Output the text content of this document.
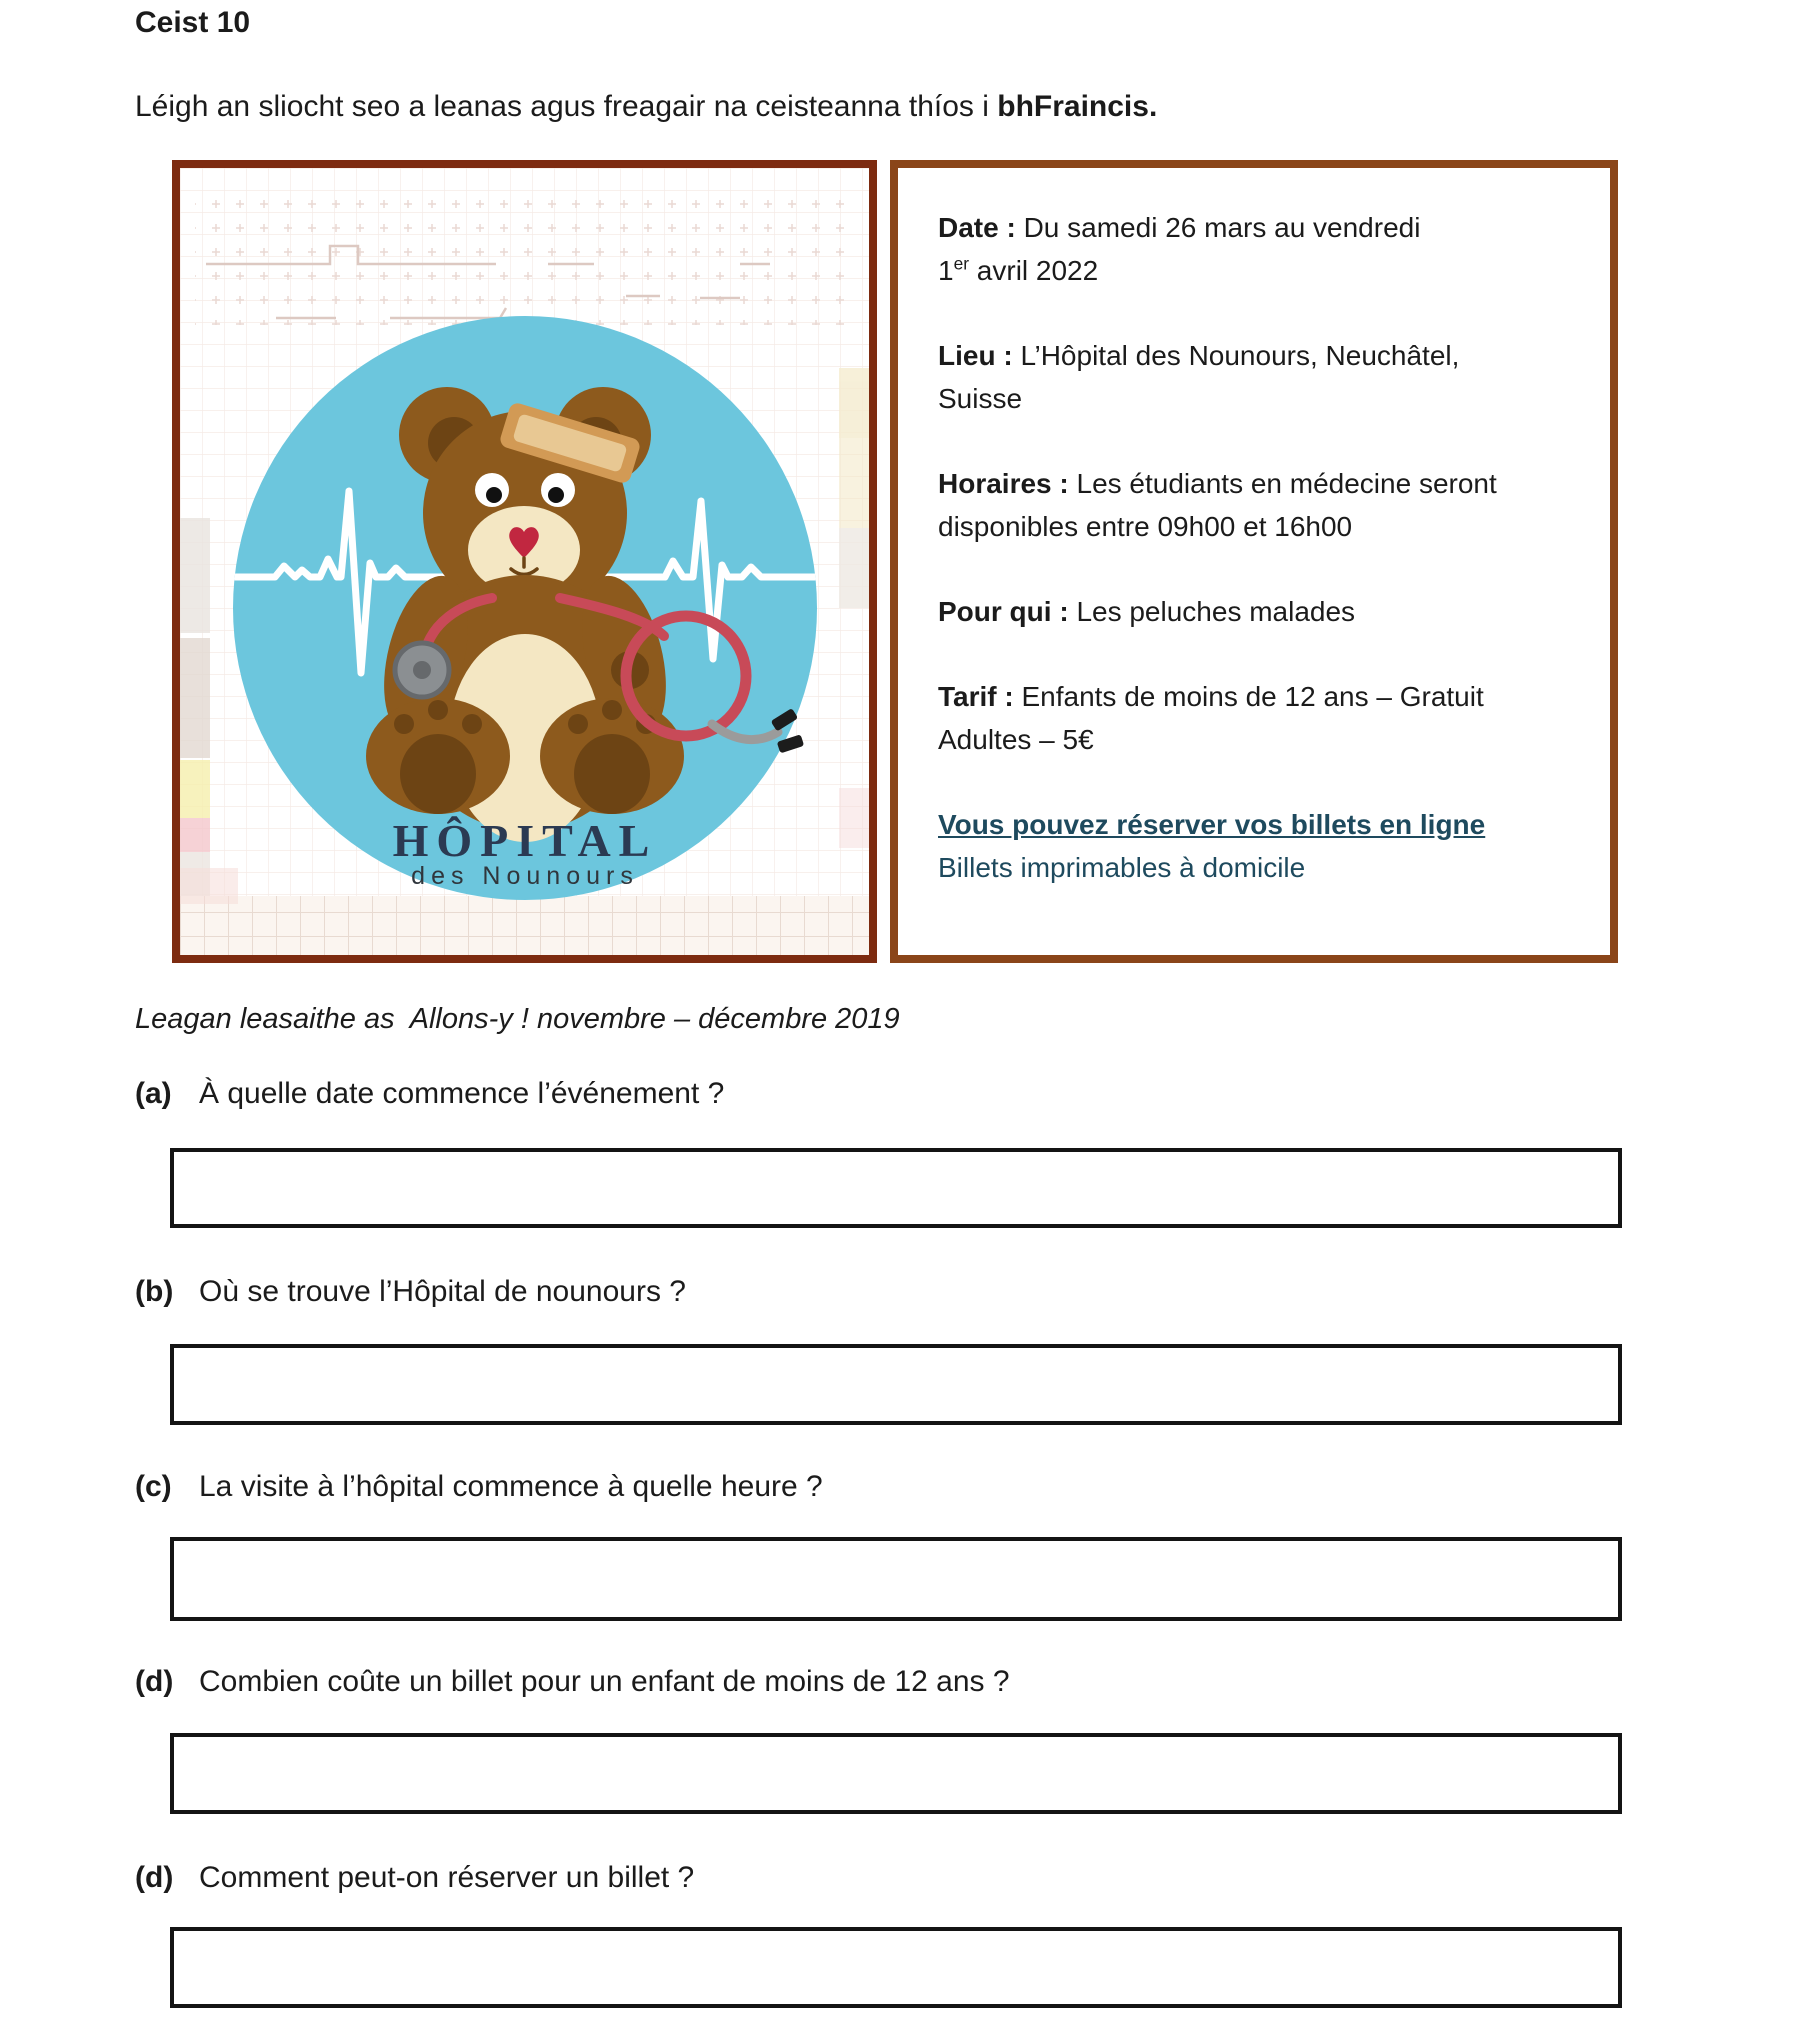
Ceist 10
Léigh an sliocht seo a leanas agus freagair na ceisteanna thíos i bhFraincis.
HÔPITAL
des Nounours

Date : Du samedi 26 mars au vendredi
1er avril 2022

Lieu : L’Hôpital des Nounours, Neuchâtel,
Suisse

Horaires : Les étudiants en médecine seront
disponibles entre 09h00 et 16h00

Pour qui : Les peluches malades

Tarif : Enfants de moins de 12 ans – Gratuit
Adultes – 5€

Vous pouvez réserver vos billets en ligne
Billets imprimables à domicile

Leagan leasaithe as  Allons-y ! novembre – décembre 2019
(a) À quelle date commence l’événement ?
(b) Où se trouve l’Hôpital de nounours ?
(c) La visite à l’hôpital commence à quelle heure ?
(d) Combien coûte un billet pour un enfant de moins de 12 ans ?
(d) Comment peut-on réserver un billet ?
